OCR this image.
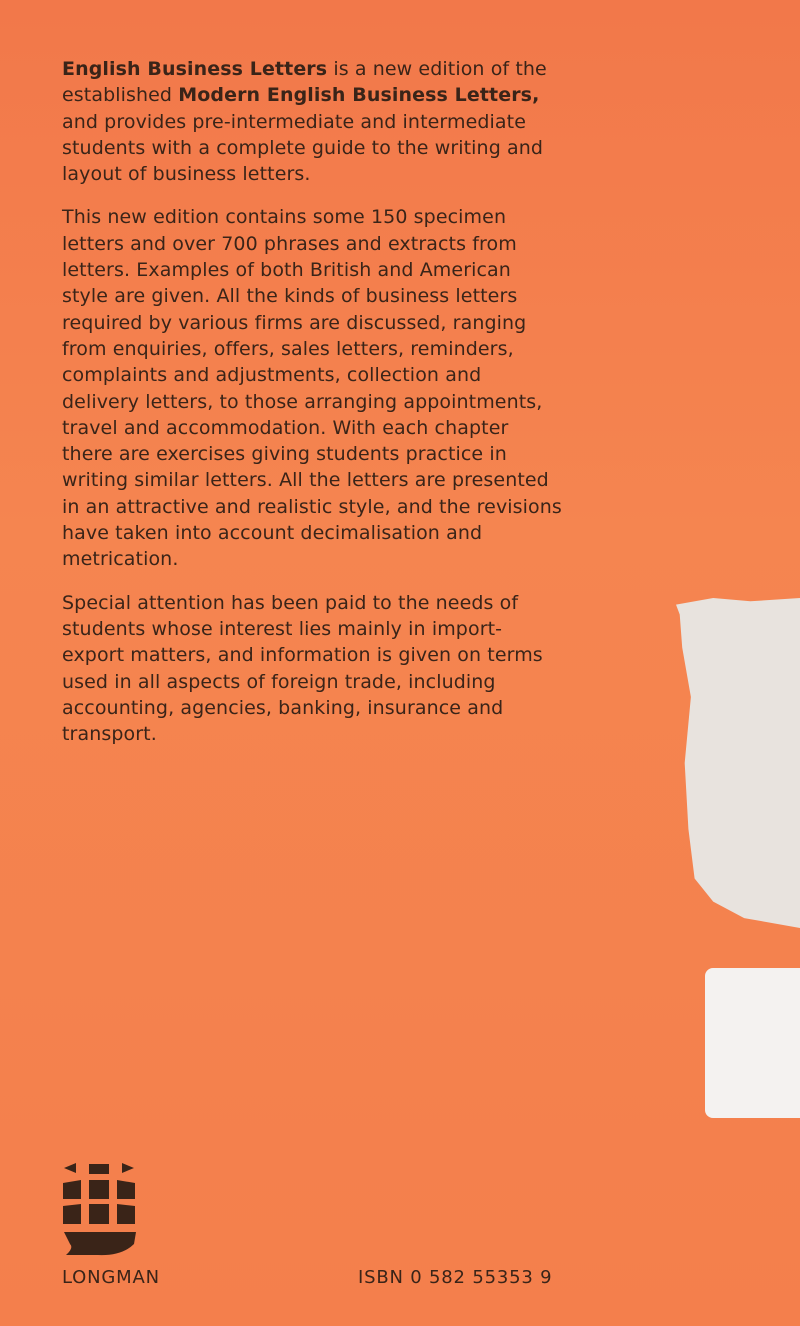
English Business Letters is a new edition of the established Modern English Business Letters, and provides pre-intermediate and intermediate students with a complete guide to the writing and layout of business letters.

This new edition contains some 150 specimen letters and over 700 phrases and extracts from letters. Examples of both British and American style are given. All the kinds of business letters required by various firms are discussed, ranging from enquiries, offers, sales letters, reminders, complaints and adjustments, collection and delivery letters, to those arranging appointments, travel and accommodation. With each chapter there are exercises giving students practice in writing similar letters. All the letters are presented in an attractive and realistic style, and the revisions have taken into account decimalisation and metrication.

Special attention has been paid to the needs of students whose interest lies mainly in import-export matters, and information is given on terms used in all aspects of foreign trade, including accounting, agencies, banking, insurance and transport.

LONGMAN	ISBN 0 582 55353 9
